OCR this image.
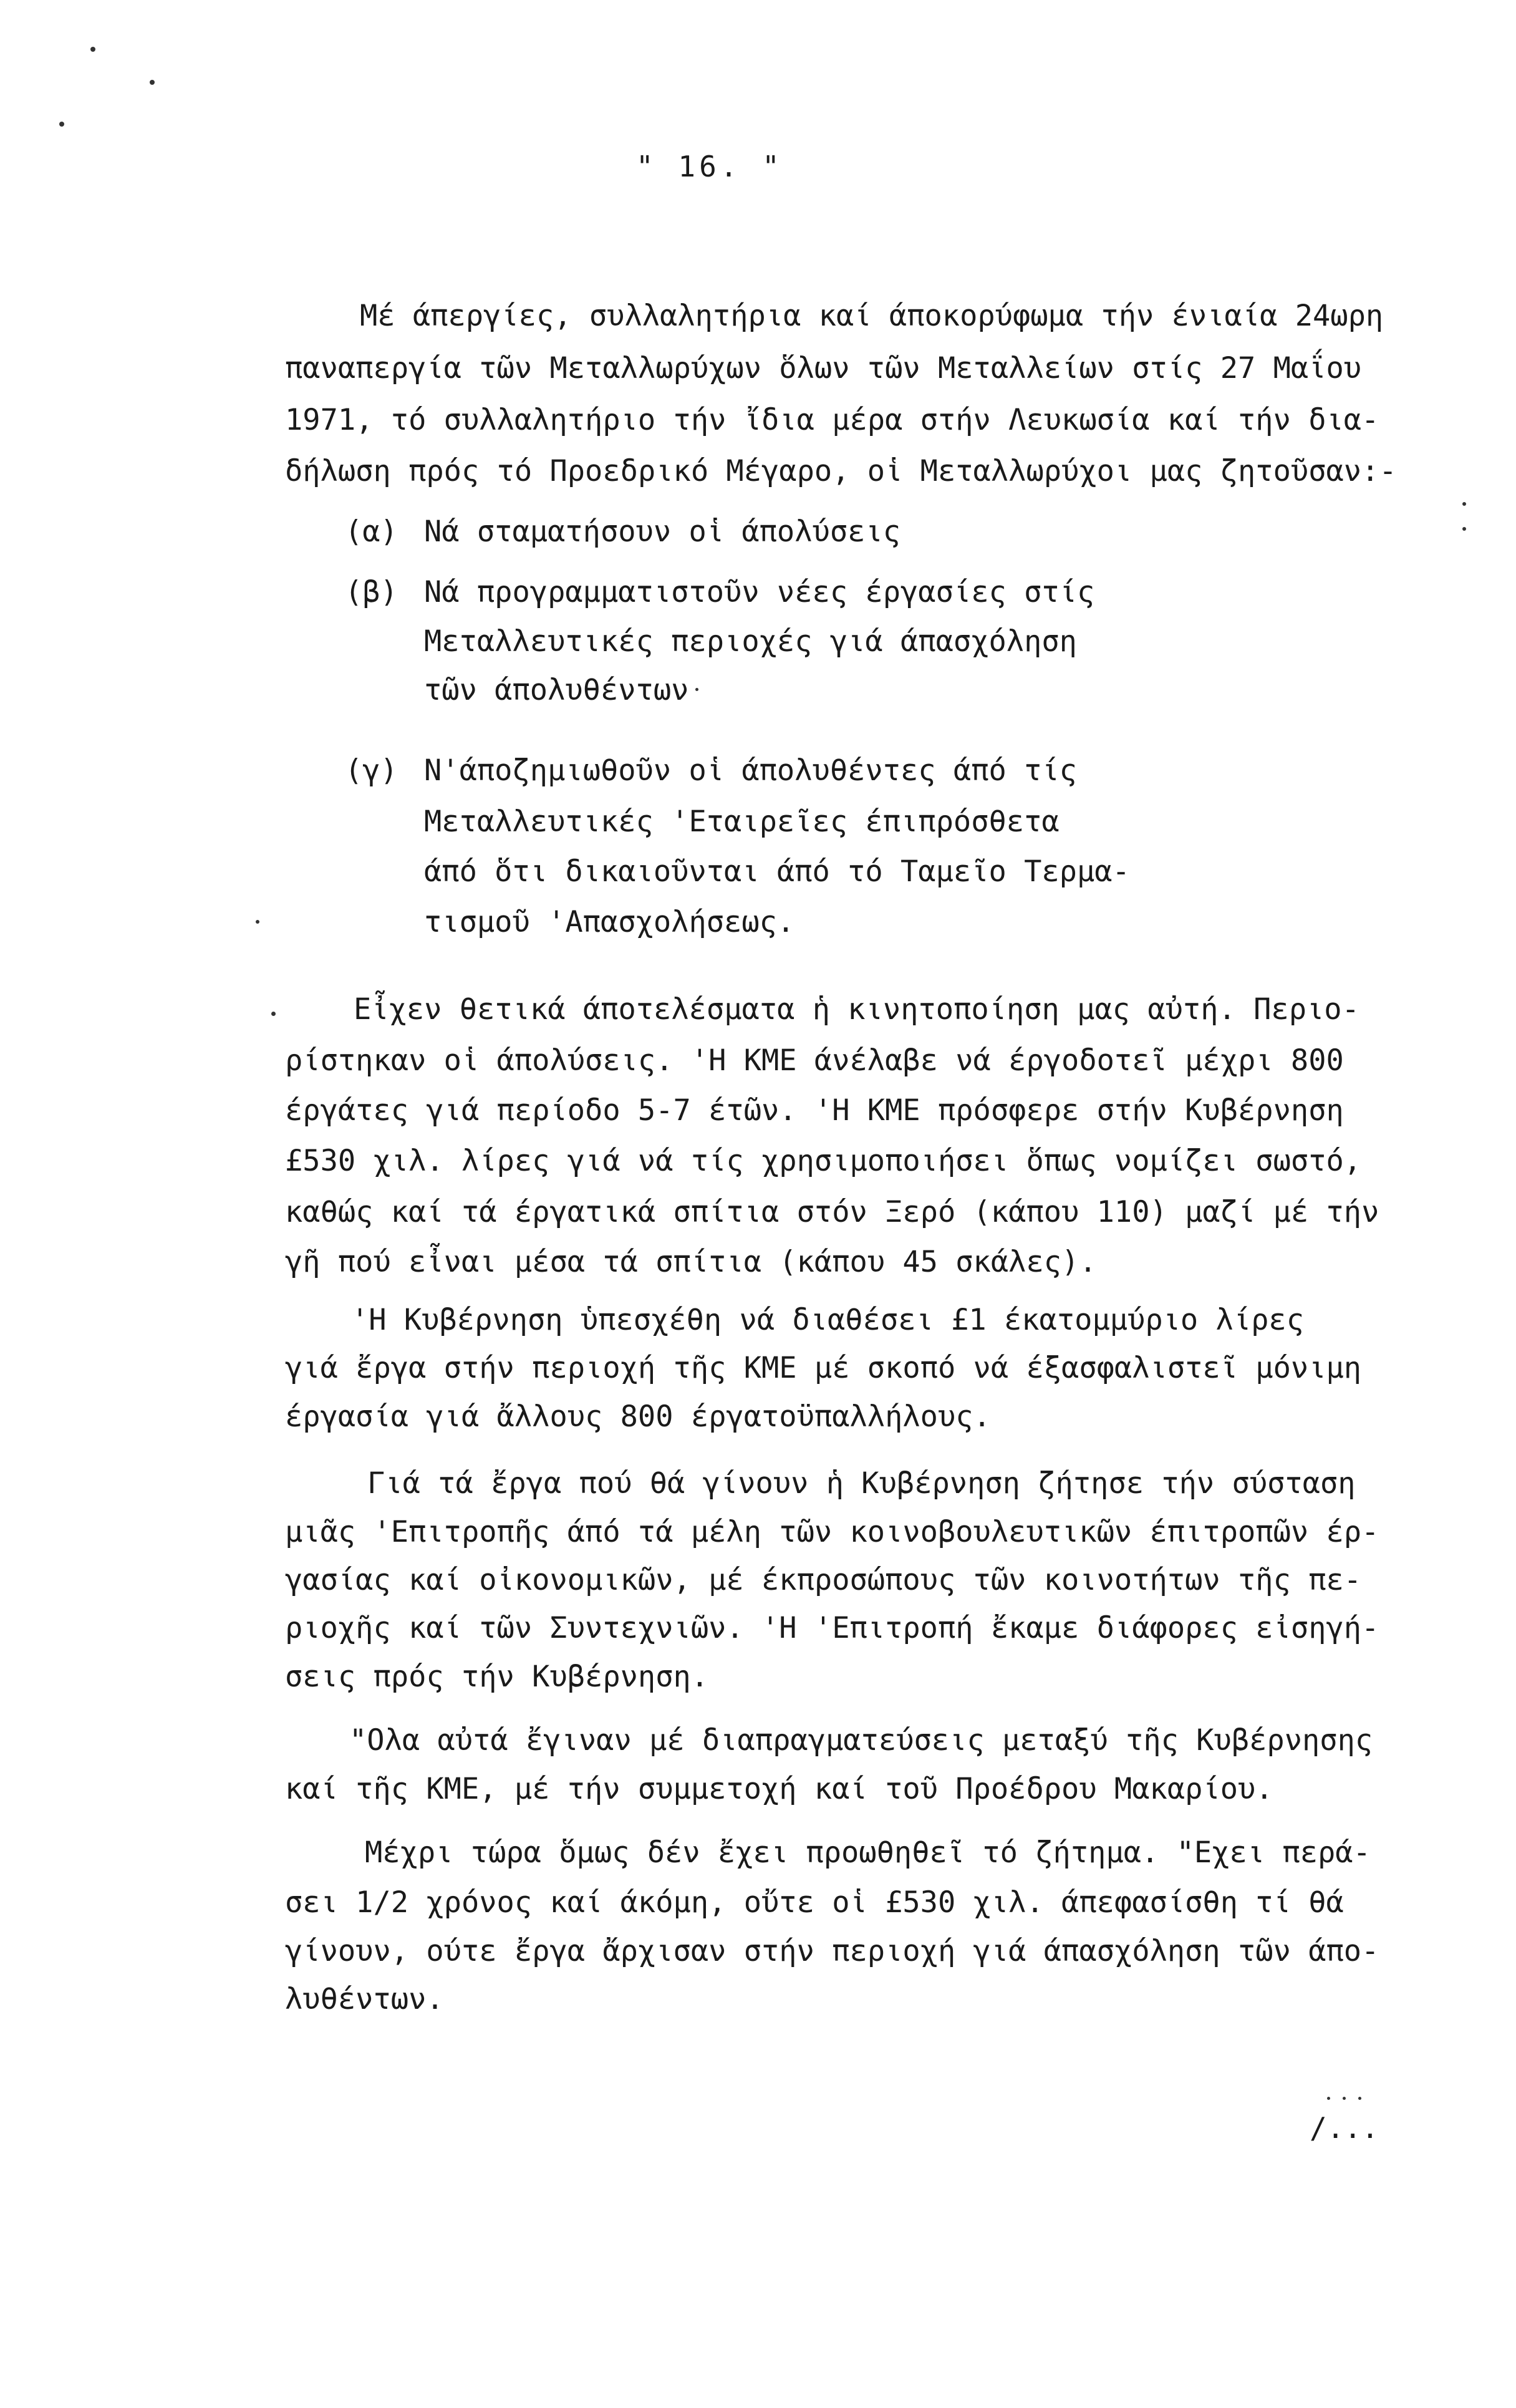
" 16. "
Μέ άπεργίες, συλλαλητήρια καί άποκορύφωμα τήν ένιαία 24ωρη
παναπεργία τῶν Μεταλλωρύχων ὅλων τῶν Μεταλλείων στίς 27 Μαΐου
1971, τό συλλαλητήριο τήν ἴδια μέρα στήν Λευκωσία καί τήν δια-
δήλωση πρός τό Προεδρικό Μέγαρο, οἱ Μεταλλωρύχοι μας ζητοῦσαν:-
(α) Νά σταματήσουν οἱ άπολύσεις
(β) Νά προγραμματιστοῦν νέες έργασίες στίς
Μεταλλευτικές περιοχές γιά άπασχόληση
τῶν άπολυθέντων
(γ) Ν'άποζημιωθοῦν οἱ άπολυθέντες άπό τίς
Μεταλλευτικές 'Εταιρεῖες έπιπρόσθετα
άπό ὅτι δικαιοῦνται άπό τό Ταμεῖο Τερμα-
τισμοῦ 'Απασχολήσεως.
Εἶχεν θετικά άποτελέσματα ἡ κινητοποίηση μας αὐτή. Περιο-
ρίστηκαν οἱ άπολύσεις. 'Η ΚΜΕ άνέλαβε νά έργοδοτεῖ μέχρι 800
έργάτες γιά περίοδο 5-7 έτῶν. 'Η ΚΜΕ πρόσφερε στήν Κυβέρνηση
£530 χιλ. λίρες γιά νά τίς χρησιμοποιήσει ὅπως νομίζει σωστό,
καθώς καί τά έργατικά σπίτια στόν Ξερό (κάπου 110) μαζί μέ τήν
γῆ πού εἶναι μέσα τά σπίτια (κάπου 45 σκάλες).
'Η Κυβέρνηση ὑπεσχέθη νά διαθέσει £1 έκατομμύριο λίρες
γιά ἔργα στήν περιοχή τῆς ΚΜΕ μέ σκοπό νά έξασφαλιστεῖ μόνιμη
έργασία γιά ἄλλους 800 έργατοϋπαλλήλους.
Γιά τά ἔργα πού θά γίνουν ἡ Κυβέρνηση ζήτησε τήν σύσταση
μιᾶς 'Επιτροπῆς άπό τά μέλη τῶν κοινοβουλευτικῶν έπιτροπῶν έρ-
γασίας καί οἰκονομικῶν, μέ έκπροσώπους τῶν κοινοτήτων τῆς πε-
ριοχῆς καί τῶν Συντεχνιῶν. 'Η 'Επιτροπή ἔκαμε διάφορες εἰσηγή-
σεις πρός τήν Κυβέρνηση.
"Ολα αὐτά ἔγιναν μέ διαπραγματεύσεις μεταξύ τῆς Κυβέρνησης
καί τῆς ΚΜΕ, μέ τήν συμμετοχή καί τοῦ Προέδρου Μακαρίου.
Μέχρι τώρα ὅμως δέν ἔχει προωθηθεῖ τό ζήτημα. "Εχει περά-
σει 1/2 χρόνος καί άκόμη, οὔτε οἱ £530 χιλ. άπεφασίσθη τί θά
γίνουν, ούτε ἔργα ἄρχισαν στήν περιοχή γιά άπασχόληση τῶν άπο-
λυθέντων.
/...
